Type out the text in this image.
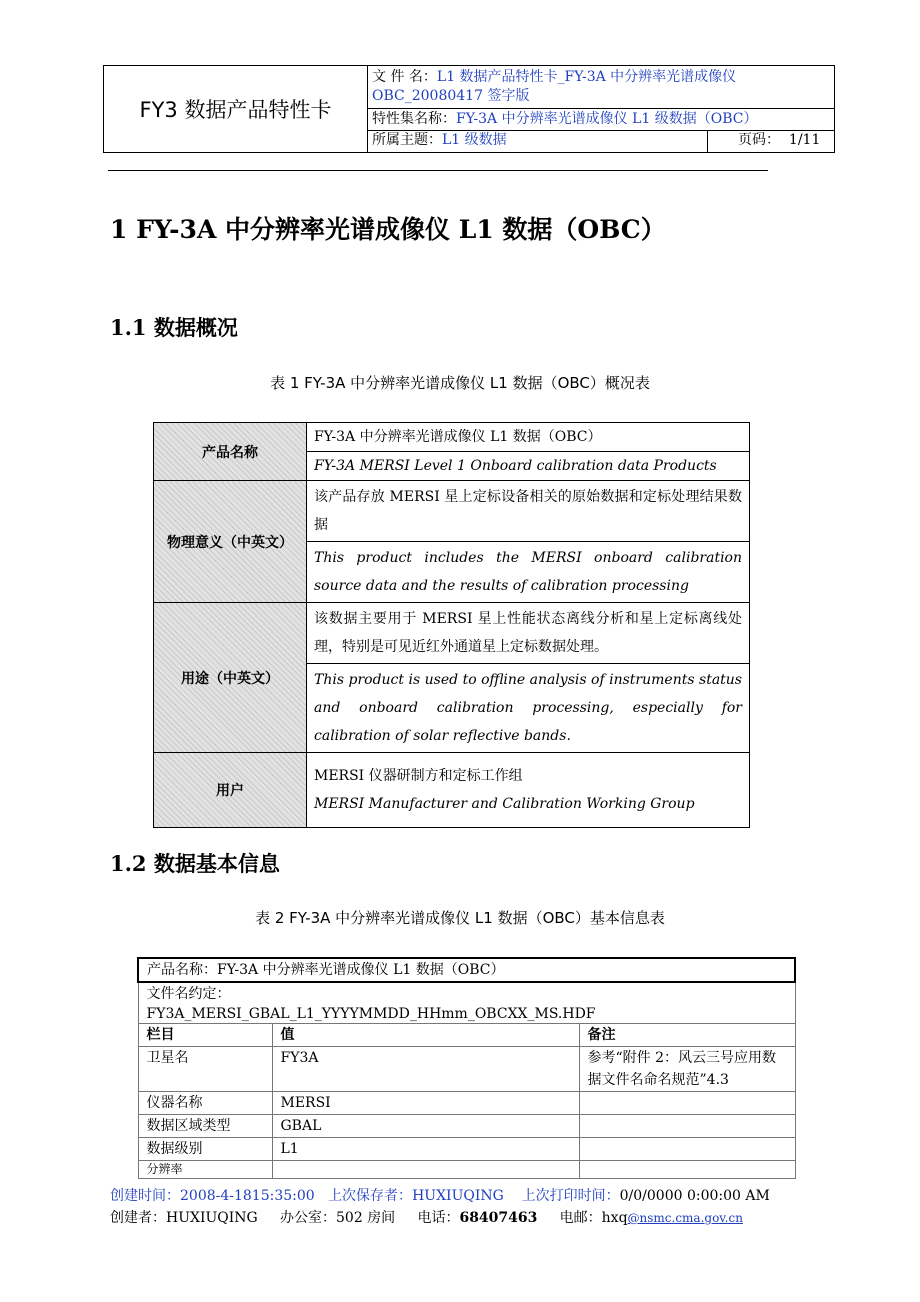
FY3 数据产品特性卡
文 件 名：L1 数据产品特性卡_FY-3A 中分辨率光谱成像仪 OBC_20080417 签字版
特性集名称：FY-3A 中分辨率光谱成像仪 L1 级数据（OBC）
所属主题：L1 级数据	页码： 1/11
1 FY-3A 中分辨率光谱成像仪 L1 数据（OBC）
1.1 数据概况
表 1 FY-3A 中分辨率光谱成像仪 L1 数据（OBC）概况表
产品名称	FY-3A 中分辨率光谱成像仪 L1 数据（OBC）
	FY-3A MERSI Level 1 Onboard calibration data Products
物理意义（中英文）	该产品存放 MERSI 星上定标设备相关的原始数据和定标处理结果数据
	This product includes the MERSI onboard calibration source data and the results of calibration processing
用途（中英文）	该数据主要用于 MERSI 星上性能状态离线分析和星上定标离线处理，特别是可见近红外通道星上定标数据处理。
	This product is used to offline analysis of instruments status and onboard calibration processing, especially for calibration of solar reflective bands.
用户	MERSI 仪器研制方和定标工作组
MERSI Manufacturer and Calibration Working Group
1.2 数据基本信息
表 2 FY-3A 中分辨率光谱成像仪 L1 数据（OBC）基本信息表
产品名称：FY-3A 中分辨率光谱成像仪 L1 数据（OBC）		

文件名约定：
FY3A_MERSI_GBAL_L1_YYYYMMDD_HHmm_OBCXX_MS.HDF		

栏目	值	备注
卫星名	FY3A	参考“附件 2：风云三号应用数据文件名命名规范”4.3
仪器名称	MERSI	
数据区域类型	GBAL	
数据级别	L1	
分辨率		
创建时间：2008-4-1815:35:00 上次保存者：HUXIUQING 上次打印时间：0/0/0000 0:00:00 AM
创建者：HUXIUQING 办公室：502 房间 电话：68407463 电邮：hxq@nsmc.cma.gov.cn
